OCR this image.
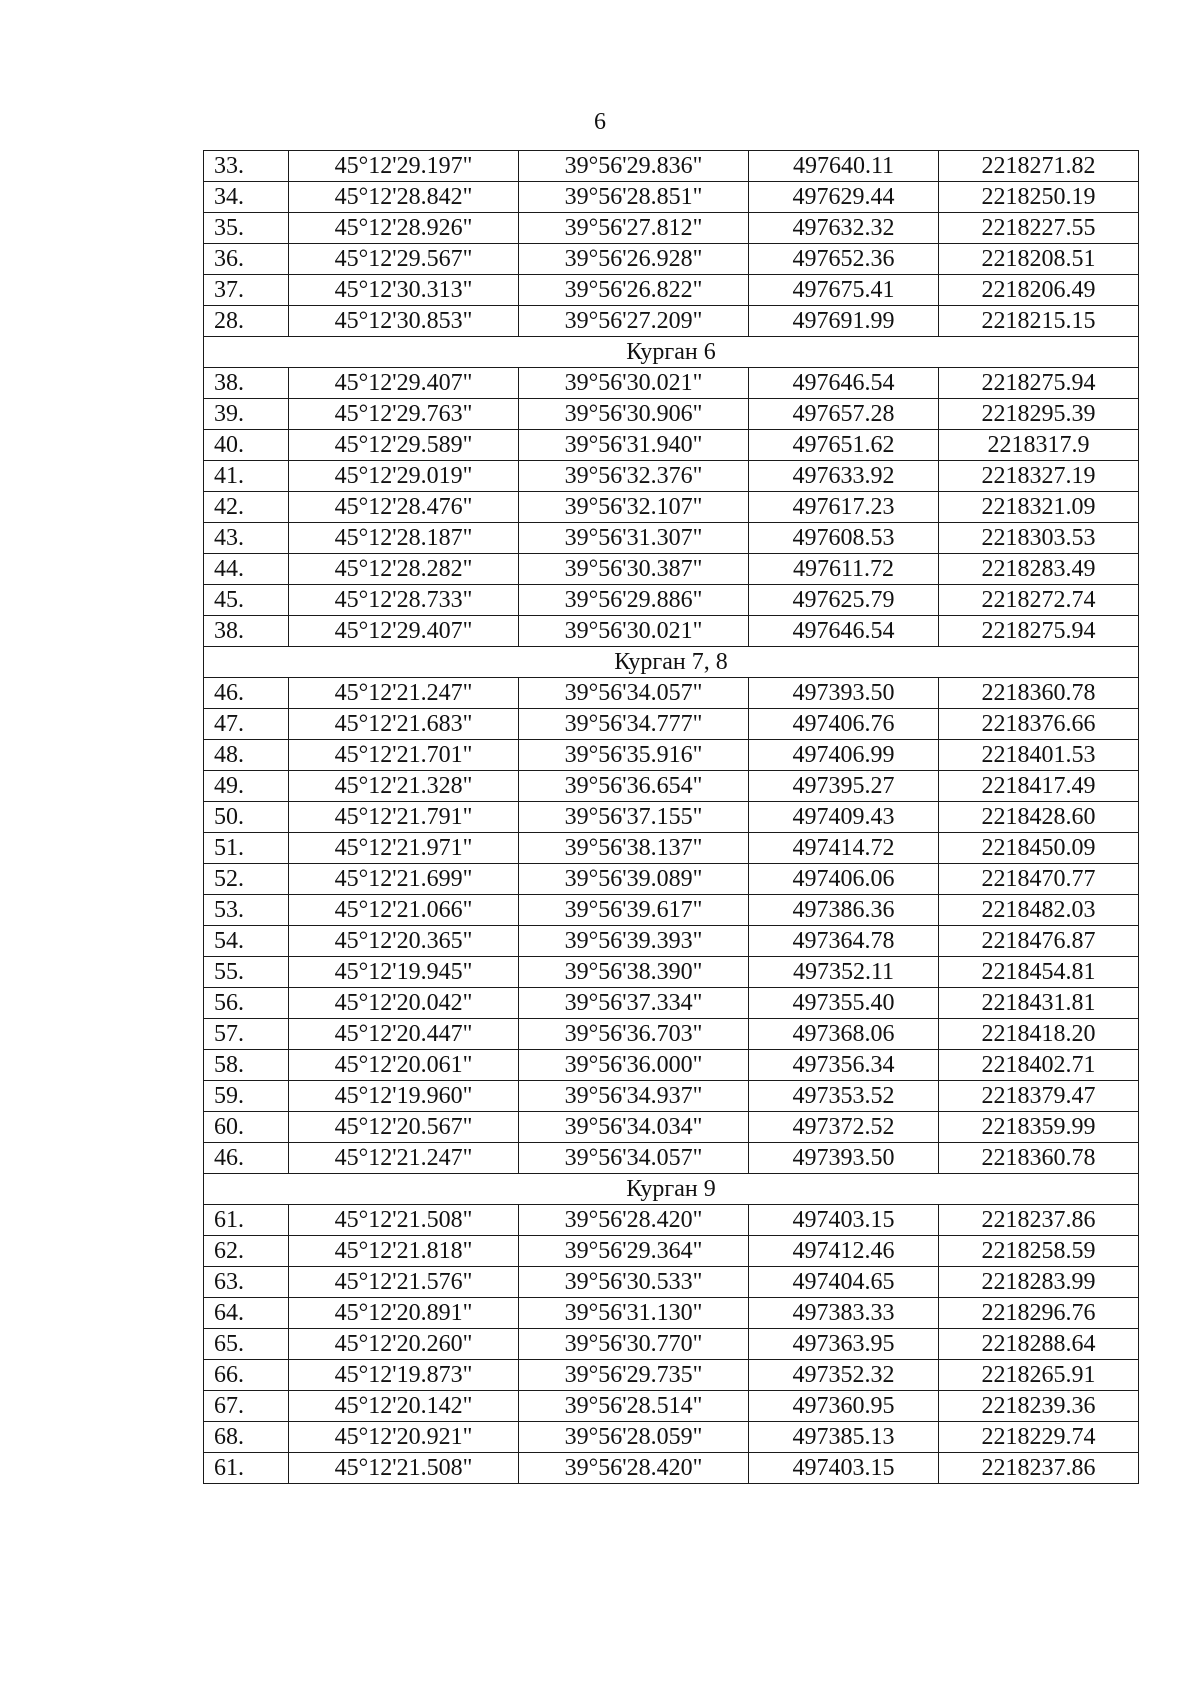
6
33.	45°12'29.197"	39°56'29.836"	497640.11	2218271.82
34.	45°12'28.842"	39°56'28.851"	497629.44	2218250.19
35.	45°12'28.926"	39°56'27.812"	497632.32	2218227.55
36.	45°12'29.567"	39°56'26.928"	497652.36	2218208.51
37.	45°12'30.313"	39°56'26.822"	497675.41	2218206.49
28.	45°12'30.853"	39°56'27.209"	497691.99	2218215.15
Курган 6				
38.	45°12'29.407"	39°56'30.021"	497646.54	2218275.94
39.	45°12'29.763"	39°56'30.906"	497657.28	2218295.39
40.	45°12'29.589"	39°56'31.940"	497651.62	2218317.9
41.	45°12'29.019"	39°56'32.376"	497633.92	2218327.19
42.	45°12'28.476"	39°56'32.107"	497617.23	2218321.09
43.	45°12'28.187"	39°56'31.307"	497608.53	2218303.53
44.	45°12'28.282"	39°56'30.387"	497611.72	2218283.49
45.	45°12'28.733"	39°56'29.886"	497625.79	2218272.74
38.	45°12'29.407"	39°56'30.021"	497646.54	2218275.94
Курган 7, 8				
46.	45°12'21.247"	39°56'34.057"	497393.50	2218360.78
47.	45°12'21.683"	39°56'34.777"	497406.76	2218376.66
48.	45°12'21.701"	39°56'35.916"	497406.99	2218401.53
49.	45°12'21.328"	39°56'36.654"	497395.27	2218417.49
50.	45°12'21.791"	39°56'37.155"	497409.43	2218428.60
51.	45°12'21.971"	39°56'38.137"	497414.72	2218450.09
52.	45°12'21.699"	39°56'39.089"	497406.06	2218470.77
53.	45°12'21.066"	39°56'39.617"	497386.36	2218482.03
54.	45°12'20.365"	39°56'39.393"	497364.78	2218476.87
55.	45°12'19.945"	39°56'38.390"	497352.11	2218454.81
56.	45°12'20.042"	39°56'37.334"	497355.40	2218431.81
57.	45°12'20.447"	39°56'36.703"	497368.06	2218418.20
58.	45°12'20.061"	39°56'36.000"	497356.34	2218402.71
59.	45°12'19.960"	39°56'34.937"	497353.52	2218379.47
60.	45°12'20.567"	39°56'34.034"	497372.52	2218359.99
46.	45°12'21.247"	39°56'34.057"	497393.50	2218360.78
Курган 9				
61.	45°12'21.508"	39°56'28.420"	497403.15	2218237.86
62.	45°12'21.818"	39°56'29.364"	497412.46	2218258.59
63.	45°12'21.576"	39°56'30.533"	497404.65	2218283.99
64.	45°12'20.891"	39°56'31.130"	497383.33	2218296.76
65.	45°12'20.260"	39°56'30.770"	497363.95	2218288.64
66.	45°12'19.873"	39°56'29.735"	497352.32	2218265.91
67.	45°12'20.142"	39°56'28.514"	497360.95	2218239.36
68.	45°12'20.921"	39°56'28.059"	497385.13	2218229.74
61.	45°12'21.508"	39°56'28.420"	497403.15	2218237.86
